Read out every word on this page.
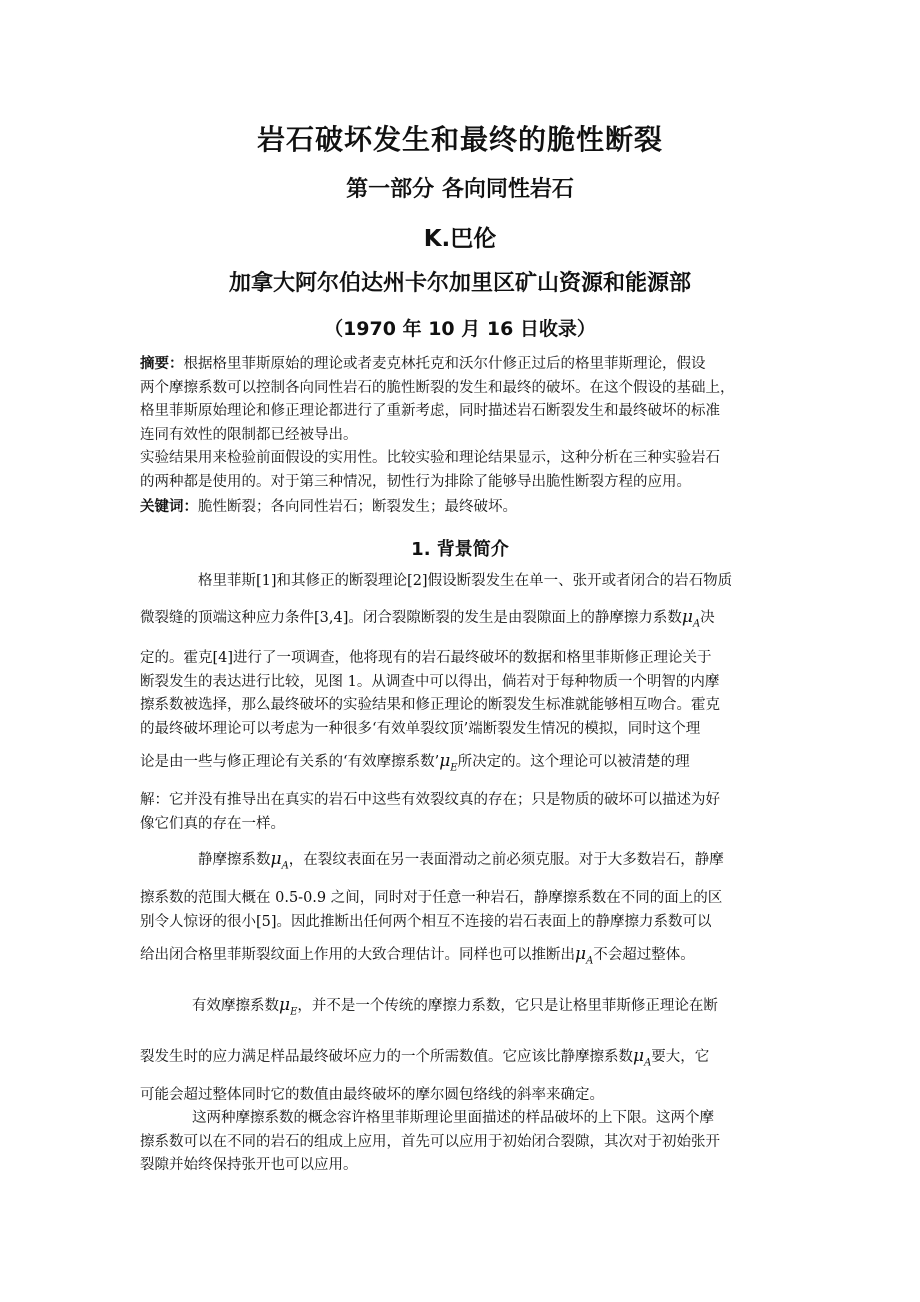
岩石破坏发生和最终的脆性断裂
第一部分 各向同性岩石
K.巴伦
加拿大阿尔伯达州卡尔加里区矿山资源和能源部
（1970 年 10 月 16 日收录）
摘要：根据格里菲斯原始的理论或者麦克林托克和沃尔什修正过后的格里菲斯理论，假设
两个摩擦系数可以控制各向同性岩石的脆性断裂的发生和最终的破坏。在这个假设的基础上，
格里菲斯原始理论和修正理论都进行了重新考虑，同时描述岩石断裂发生和最终破坏的标准
连同有效性的限制都已经被导出。
实验结果用来检验前面假设的实用性。比较实验和理论结果显示，这种分析在三种实验岩石
的两种都是使用的。对于第三种情况，韧性行为排除了能够导出脆性断裂方程的应用。
关键词：脆性断裂；各向同性岩石；断裂发生；最终破坏。
1. 背景简介
格里菲斯[1]和其修正的断裂理论[2]假设断裂发生在单一、张开或者闭合的岩石物质
微裂缝的顶端这种应力条件[3,4]。闭合裂隙断裂的发生是由裂隙面上的静摩擦力系数$\mu_A$决
定的。霍克[4]进行了一项调查，他将现有的岩石最终破坏的数据和格里菲斯修正理论关于
断裂发生的表达进行比较，见图 1。从调查中可以得出，倘若对于每种物质一个明智的内摩
擦系数被选择，那么最终破坏的实验结果和修正理论的断裂发生标准就能够相互吻合。霍克
的最终破坏理论可以考虑为一种很多‘有效单裂纹顶’端断裂发生情况的模拟，同时这个理
论是由一些与修正理论有关系的‘有效摩擦系数$’\mu_E$所决定的。这个理论可以被清楚的理
解：它并没有推导出在真实的岩石中这些有效裂纹真的存在；只是物质的破坏可以描述为好
像它们真的存在一样。
静摩擦系数$\mu_A$，在裂纹表面在另一表面滑动之前必须克服。对于大多数岩石，静摩
擦系数的范围大概在 0.5-0.9 之间，同时对于任意一种岩石，静摩擦系数在不同的面上的区
别令人惊讶的很小[5]。因此推断出任何两个相互不连接的岩石表面上的静摩擦力系数可以
给出闭合格里菲斯裂纹面上作用的大致合理估计。同样也可以推断出$\mu_A$不会超过整体。
有效摩擦系数$\mu_E$，并不是一个传统的摩擦力系数，它只是让格里菲斯修正理论在断
裂发生时的应力满足样品最终破坏应力的一个所需数值。它应该比静摩擦系数$\mu_A$要大，它
可能会超过整体同时它的数值由最终破坏的摩尔圆包络线的斜率来确定。
这两种摩擦系数的概念容许格里菲斯理论里面描述的样品破坏的上下限。这两个摩
擦系数可以在不同的岩石的组成上应用，首先可以应用于初始闭合裂隙，其次对于初始张开
裂隙并始终保持张开也可以应用。
